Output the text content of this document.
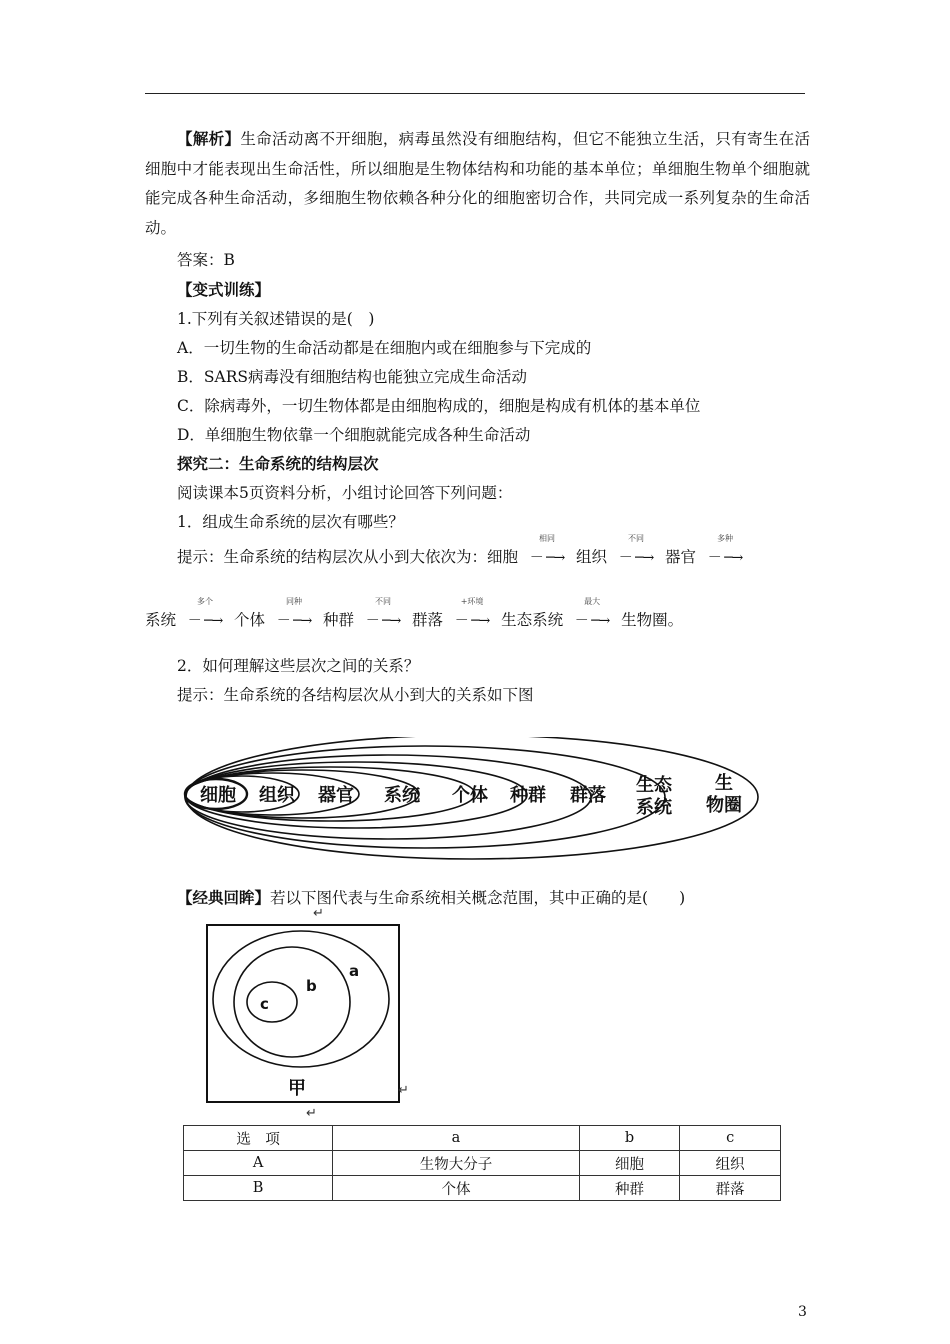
【解析】生命活动离不开细胞，病毒虽然没有细胞结构，但它不能独立生活，只有寄生在活细胞中才能表现出生命活性，所以细胞是生物体结构和功能的基本单位；单细胞生物单个细胞就能完成各种生命活动，多细胞生物依赖各种分化的细胞密切合作，共同完成一系列复杂的生命活动。
答案：B
【变式训练】
1.下列有关叙述错误的是(　)
A．一切生物的生命活动都是在细胞内或在细胞参与下完成的
B．SARS病毒没有细胞结构也能独立完成生命活动
C．除病毒外，一切生物体都是由细胞构成的，细胞是构成有机体的基本单位
D．单细胞生物依靠一个细胞就能完成各种生命活动
探究二：生命系统的结构层次
阅读课本5页资料分析，小组讨论回答下列问题：
1．组成生命系统的层次有哪些？
提示：生命系统的结构层次从小到大依次为：细胞
相同
－ ─→ 组织
不同
－ ─→ 器官
多种
－ ─→
系统
多个
－ ─→ 个体
同种
－ ─→ 种群
不同
－ ─→ 群落
+环境
－ ─→ 生态系统
最大
－ ─→ 生物圈。
2．如何理解这些层次之间的关系？
提示：生命系统的各结构层次从小到大的关系如下图
细胞 组织 器官 系统 个体 种群 群落 生态
系统
生
物圈
【经典回眸】若以下图代表与生命系统相关概念范围，其中正确的是(　　)
↵
a
b
c
甲	↵
↵
选　项	a	b	c
A	生物大分子	细胞	组织
B	个体	种群	群落
3
